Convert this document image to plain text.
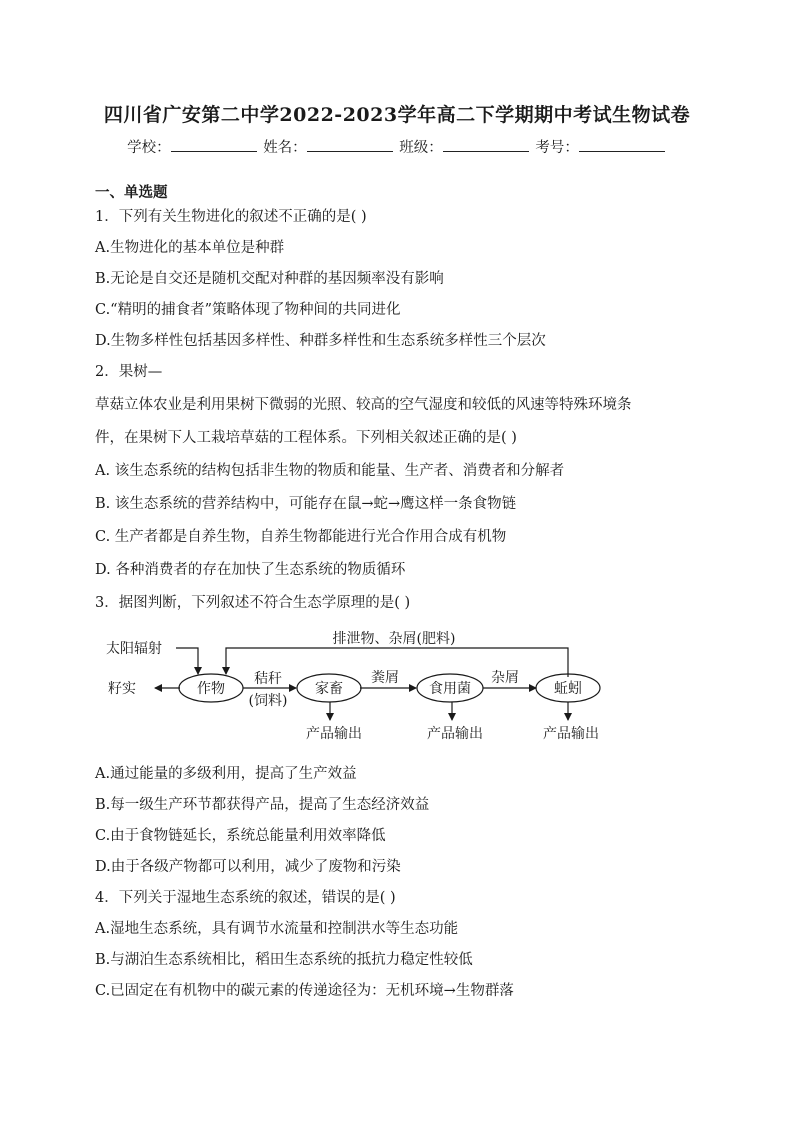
四川省广安第二中学2022-2023学年高二下学期期中考试生物试卷
学校：	姓名：	班级：	考号：
一、单选题
1．下列有关生物进化的叙述不正确的是( )
A.生物进化的基本单位是种群
B.无论是自交还是随机交配对种群的基因频率没有影响
C.“精明的捕食者”策略体现了物种间的共同进化
D.生物多样性包括基因多样性、种群多样性和生态系统多样性三个层次
2．果树—
草菇立体农业是利用果树下微弱的光照、较高的空气湿度和较低的风速等特殊环境条
件，在果树下人工栽培草菇的工程体系。下列相关叙述正确的是( )
A. 该生态系统的结构包括非生物的物质和能量、生产者、消费者和分解者
B. 该生态系统的营养结构中，可能存在鼠→蛇→鹰这样一条食物链
C. 生产者都是自养生物，自养生物都能进行光合作用合成有机物
D. 各种消费者的存在加快了生态系统的物质循环
3．据图判断，下列叙述不符合生态学原理的是( )
排泄物、杂屑(肥料)
太阳辐射
籽实	作物
秸秆
(饲料)
家畜
粪屑
食用菌
杂屑
蚯蚓
产品输出	产品输出	产品输出
A.通过能量的多级利用，提高了生产效益
B.每一级生产环节都获得产品，提高了生态经济效益
C.由于食物链延长，系统总能量利用效率降低
D.由于各级产物都可以利用，减少了废物和污染
4．下列关于湿地生态系统的叙述，错误的是( )
A.湿地生态系统，具有调节水流量和控制洪水等生态功能
B.与湖泊生态系统相比，稻田生态系统的抵抗力稳定性较低
C.已固定在有机物中的碳元素的传递途径为：无机环境→生物群落
